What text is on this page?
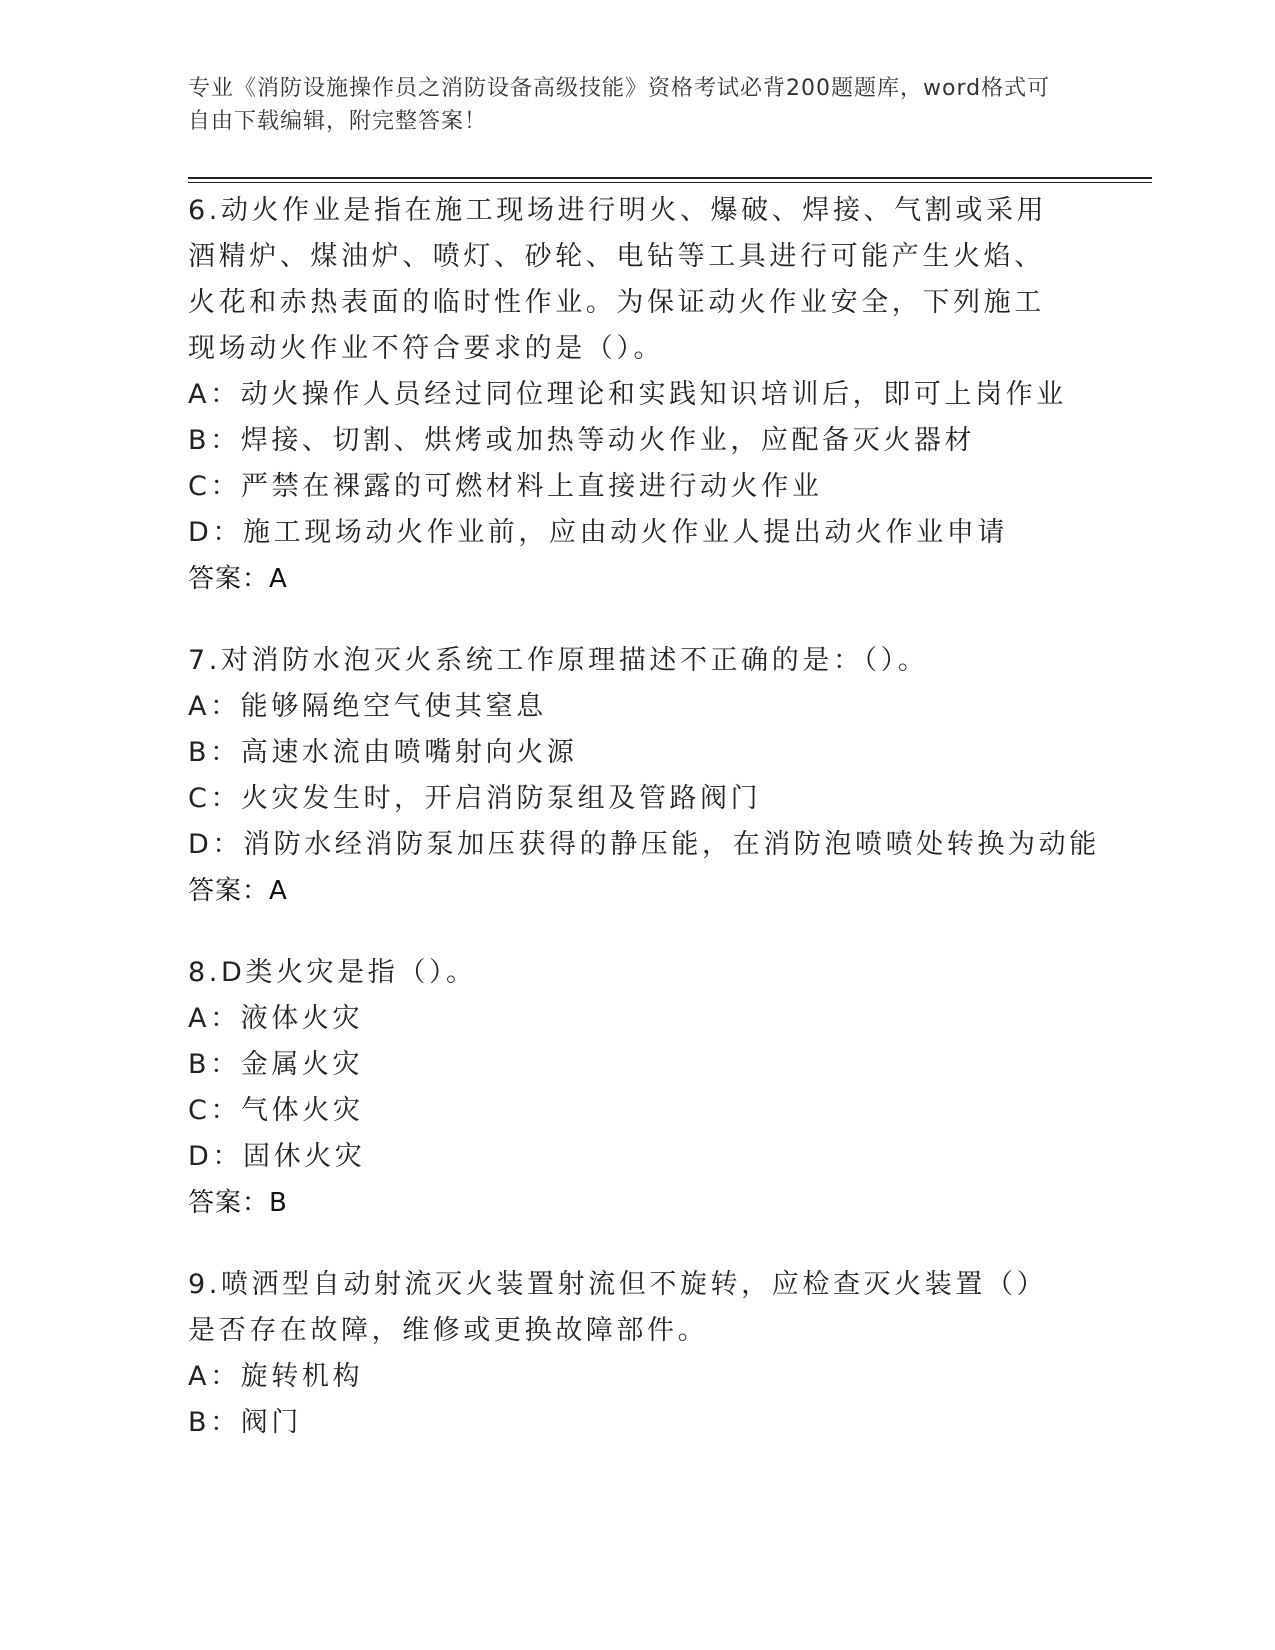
专业《消防设施操作员之消防设备高级技能》资格考试必背200题题库，word格式可自由下载编辑，附完整答案！

6.动火作业是指在施工现场进行明火、爆破、焊接、气割或采用酒精炉、煤油炉、喷灯、砂轮、电钻等工具进行可能产生火焰、火花和赤热表面的临时性作业。为保证动火作业安全，下列施工现场动火作业不符合要求的是（）。

A：动火操作人员经过同位理论和实践知识培训后，即可上岗作业

B：焊接、切割、烘烤或加热等动火作业，应配备灭火器材

C：严禁在裸露的可燃材料上直接进行动火作业

D：施工现场动火作业前，应由动火作业人提出动火作业申请

答案：A

7.对消防水泡灭火系统工作原理描述不正确的是：（）。

A：能够隔绝空气使其窒息

B：高速水流由喷嘴射向火源

C：火灾发生时，开启消防泵组及管路阀门

D：消防水经消防泵加压获得的静压能，在消防泡喷喷处转换为动能

答案：A

8.D类火灾是指（）。

A：液体火灾

B：金属火灾

C：气体火灾

D：固休火灾

答案：B

9.喷洒型自动射流灭火装置射流但不旋转，应检查灭火装置（）是否存在故障，维修或更换故障部件。

A：旋转机构

B：阀门
